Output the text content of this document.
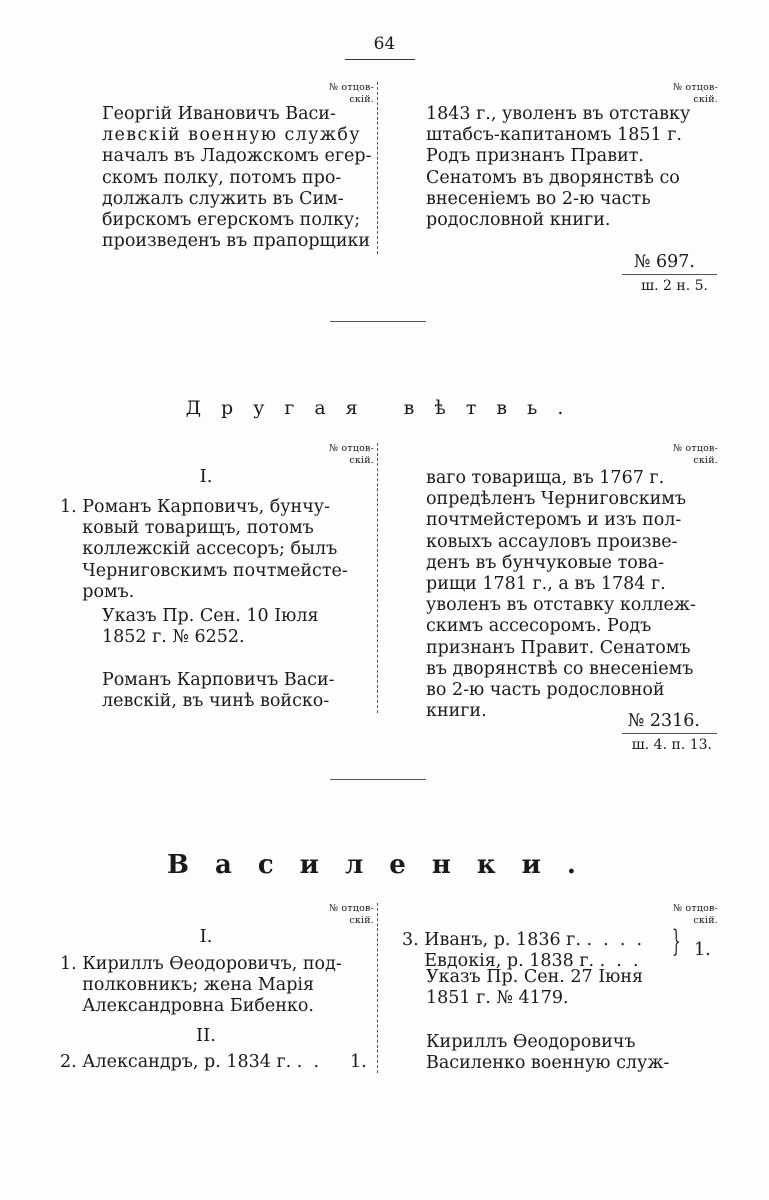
64
№ отцов-
скій.
№ отцов-
скій.
Георгій Ивановичъ Васи-
левскій военную службу
началъ въ Ладожскомъ егер-
скомъ полку, потомъ про-
должалъ служить въ Сим-
бирскомъ егерскомъ полку;
произведенъ въ прапорщики
1843 г., уволенъ въ отставку
штабсъ-капитаномъ 1851 г.
Родъ признанъ Правит.
Сенатомъ въ дворянствѣ со
внесеніемъ во 2-ю часть
родословной книги.
№ 697.
ш. 2 н. 5.
Другая вѣтвь.
№ отцов-
скій.
№ отцов-
скій.
I.
1. Романъ Карповичъ, бунчу-
ковый товарищъ, потомъ
коллежскій ассесоръ; былъ
Черниговскимъ почтмейсте-
ромъ.
Указъ Пр. Сен. 10 Іюля
1852 г. № 6252.
Романъ Карповичъ Васи-
левскій, въ чинѣ войско-
ваго товарища, въ 1767 г.
опредѣленъ Черниговскимъ
почтмейстеромъ и изъ пол-
ковыхъ ассауловъ произве-
денъ въ бунчуковые това-
рищи 1781 г., а въ 1784 г.
уволенъ въ отставку коллеж-
скимъ ассесоромъ. Родъ
признанъ Правит. Сенатомъ
въ дворянствѣ со внесеніемъ
во 2-ю часть родословной
книги.	№ 2316.
ш. 4. п. 13.
Василенки.
№ отцов-
скій.
№ отцов-
скій.
I.
1. Кириллъ Ѳеодоровичъ, под-
полковникъ; жена Марія
Александровна Бибенко.
II.
2. Александръ, р. 1834 г. .  .	1.
3. Иванъ, р. 1836 г. .  .  .  .
Евдокія, р. 1838 г. .  .  .
} 1.
Указъ Пр. Сен. 27 Іюня
1851 г. № 4179.
Кириллъ Ѳеодоровичъ
Василенко военную служ-
